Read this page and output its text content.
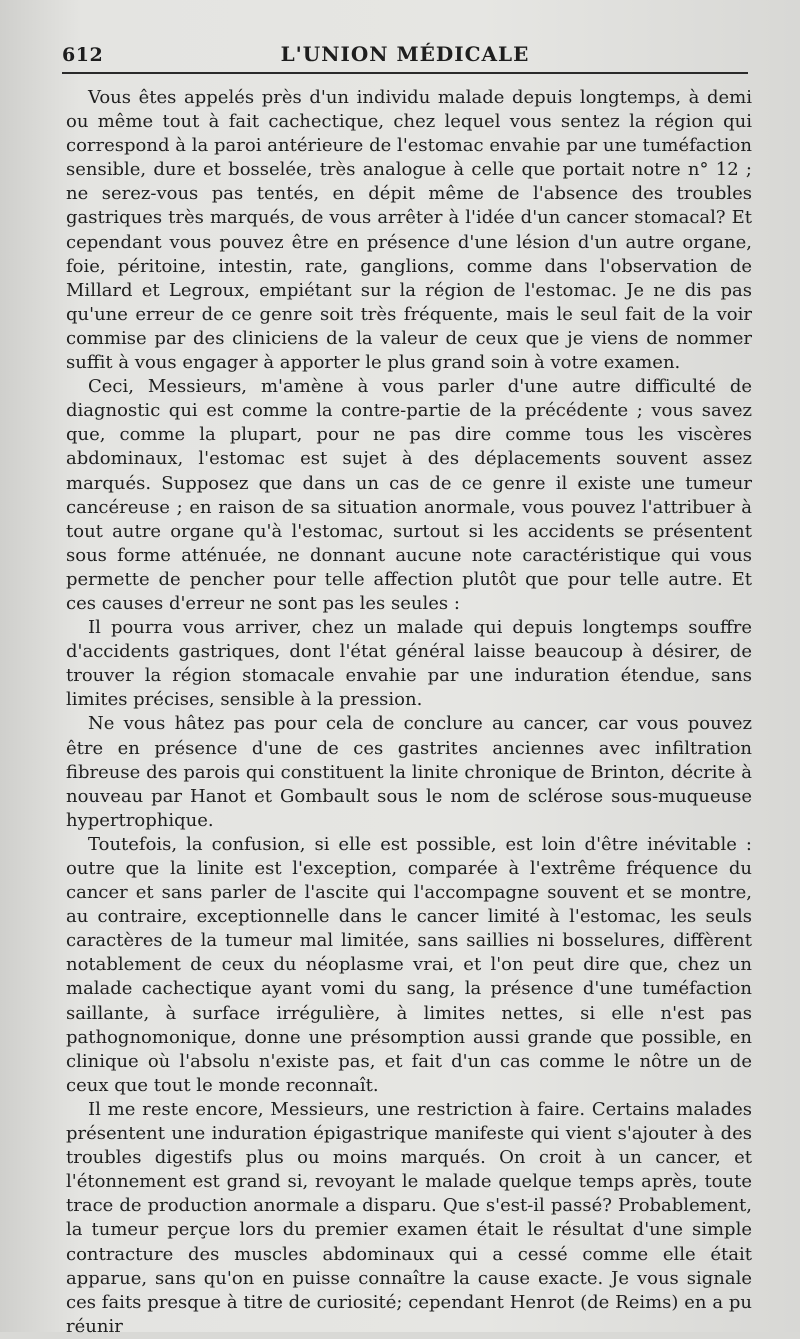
612	L'UNION MÉDICALE

Vous êtes appelés près d'un individu malade depuis longtemps, à demi ou même tout à fait cachectique, chez lequel vous sentez la région qui correspond à la paroi antérieure de l'estomac envahie par une tuméfaction sensible, dure et bosselée, très analogue à celle que portait notre n° 12 ; ne serez-vous pas tentés, en dépit même de l'absence des troubles gastriques très marqués, de vous arrêter à l'idée d'un cancer stomacal? Et cependant vous pouvez être en présence d'une lésion d'un autre organe, foie, péritoine, intestin, rate, ganglions, comme dans l'observation de Millard et Legroux, empiétant sur la région de l'estomac. Je ne dis pas qu'une erreur de ce genre soit très fréquente, mais le seul fait de la voir commise par des cliniciens de la valeur de ceux que je viens de nommer suffit à vous engager à apporter le plus grand soin à votre examen.

Ceci, Messieurs, m'amène à vous parler d'une autre difficulté de diagnostic qui est comme la contre-partie de la précédente ; vous savez que, comme la plupart, pour ne pas dire comme tous les viscères abdominaux, l'estomac est sujet à des déplacements souvent assez marqués. Supposez que dans un cas de ce genre il existe une tumeur cancéreuse ; en raison de sa situation anormale, vous pouvez l'attribuer à tout autre organe qu'à l'estomac, surtout si les accidents se présentent sous forme atténuée, ne donnant aucune note caractéristique qui vous permette de pencher pour telle affection plutôt que pour telle autre. Et ces causes d'erreur ne sont pas les seules :

Il pourra vous arriver, chez un malade qui depuis longtemps souffre d'accidents gastriques, dont l'état général laisse beaucoup à désirer, de trouver la région stomacale envahie par une induration étendue, sans limites précises, sensible à la pression.

Ne vous hâtez pas pour cela de conclure au cancer, car vous pouvez être en présence d'une de ces gastrites anciennes avec infiltration fibreuse des parois qui constituent la linite chronique de Brinton, décrite à nouveau par Hanot et Gombault sous le nom de sclérose sous-muqueuse hypertrophique.

Toutefois, la confusion, si elle est possible, est loin d'être inévitable : outre que la linite est l'exception, comparée à l'extrême fréquence du cancer et sans parler de l'ascite qui l'accompagne souvent et se montre, au contraire, exceptionnelle dans le cancer limité à l'estomac, les seuls caractères de la tumeur mal limitée, sans saillies ni bosselures, diffèrent notablement de ceux du néoplasme vrai, et l'on peut dire que, chez un malade cachectique ayant vomi du sang, la présence d'une tuméfaction saillante, à surface irrégulière, à limites nettes, si elle n'est pas pathognomonique, donne une présomption aussi grande que possible, en clinique où l'absolu n'existe pas, et fait d'un cas comme le nôtre un de ceux que tout le monde reconnaît.

Il me reste encore, Messieurs, une restriction à faire. Certains malades présentent une induration épigastrique manifeste qui vient s'ajouter à des troubles digestifs plus ou moins marqués. On croit à un cancer, et l'étonnement est grand si, revoyant le malade quelque temps après, toute trace de production anormale a disparu. Que s'est-il passé? Probablement, la tumeur perçue lors du premier examen était le résultat d'une simple contracture des muscles abdominaux qui a cessé comme elle était apparue, sans qu'on en puisse connaître la cause exacte. Je vous signale ces faits presque à titre de curiosité; cependant Henrot (de Reims) en a pu réunir
